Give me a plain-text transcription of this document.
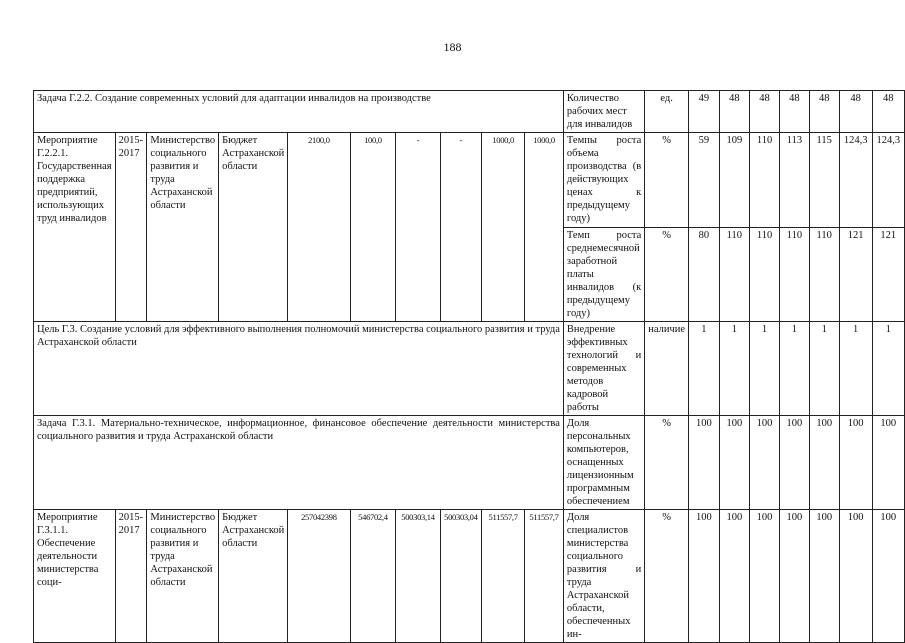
188
Задача Г.2.2. Создание современных условий для адаптации инвалидов на производстве										Количество рабочих мест для инвалидов	ед.	49	48	48	48	48	48	48
Мероприятие Г.2.2.1. Государственная поддержка предприятий, использующих труд инвалидов	2015-2017	Министерство социального развития и труда Астраханской области	Бюджет Астраханской области	2100,0	100,0	-	-	1000,0	1000,0	Темпы роста объема производства (в действующих ценах к предыдущему году)	%	59	109	110	113	115	124,3	124,3
										Темп роста среднемесячной заработной платы инвалидов (к предыдущему году)	%	80	110	110	110	110	121	121
Цель Г.3. Создание условий для эффективного выполнения полномочий министерства социального развития и труда Астраханской области										Внедрение эффективных технологий и современных методов кадровой работы	наличие	1	1	1	1	1	1	1
Задача Г.3.1. Материально-техническое, информационное, финансовое обеспечение деятельности министерства социального развития и труда Астраханской области										Доля персональных компьютеров, оснащенных лицензионным программным обеспечением	%	100	100	100	100	100	100	100
Мероприятие Г.3.1.1. Обеспечение деятельности министерства соци-	2015-2017	Министерство социального развития и труда Астраханской области	Бюджет Астраханской области	257042398	546702,4	500303,14	500303,04	511557,7	511557,7	Доля специалистов министерства социального развития и труда Астраханской области, обеспеченных ин-	%	100	100	100	100	100	100	100
